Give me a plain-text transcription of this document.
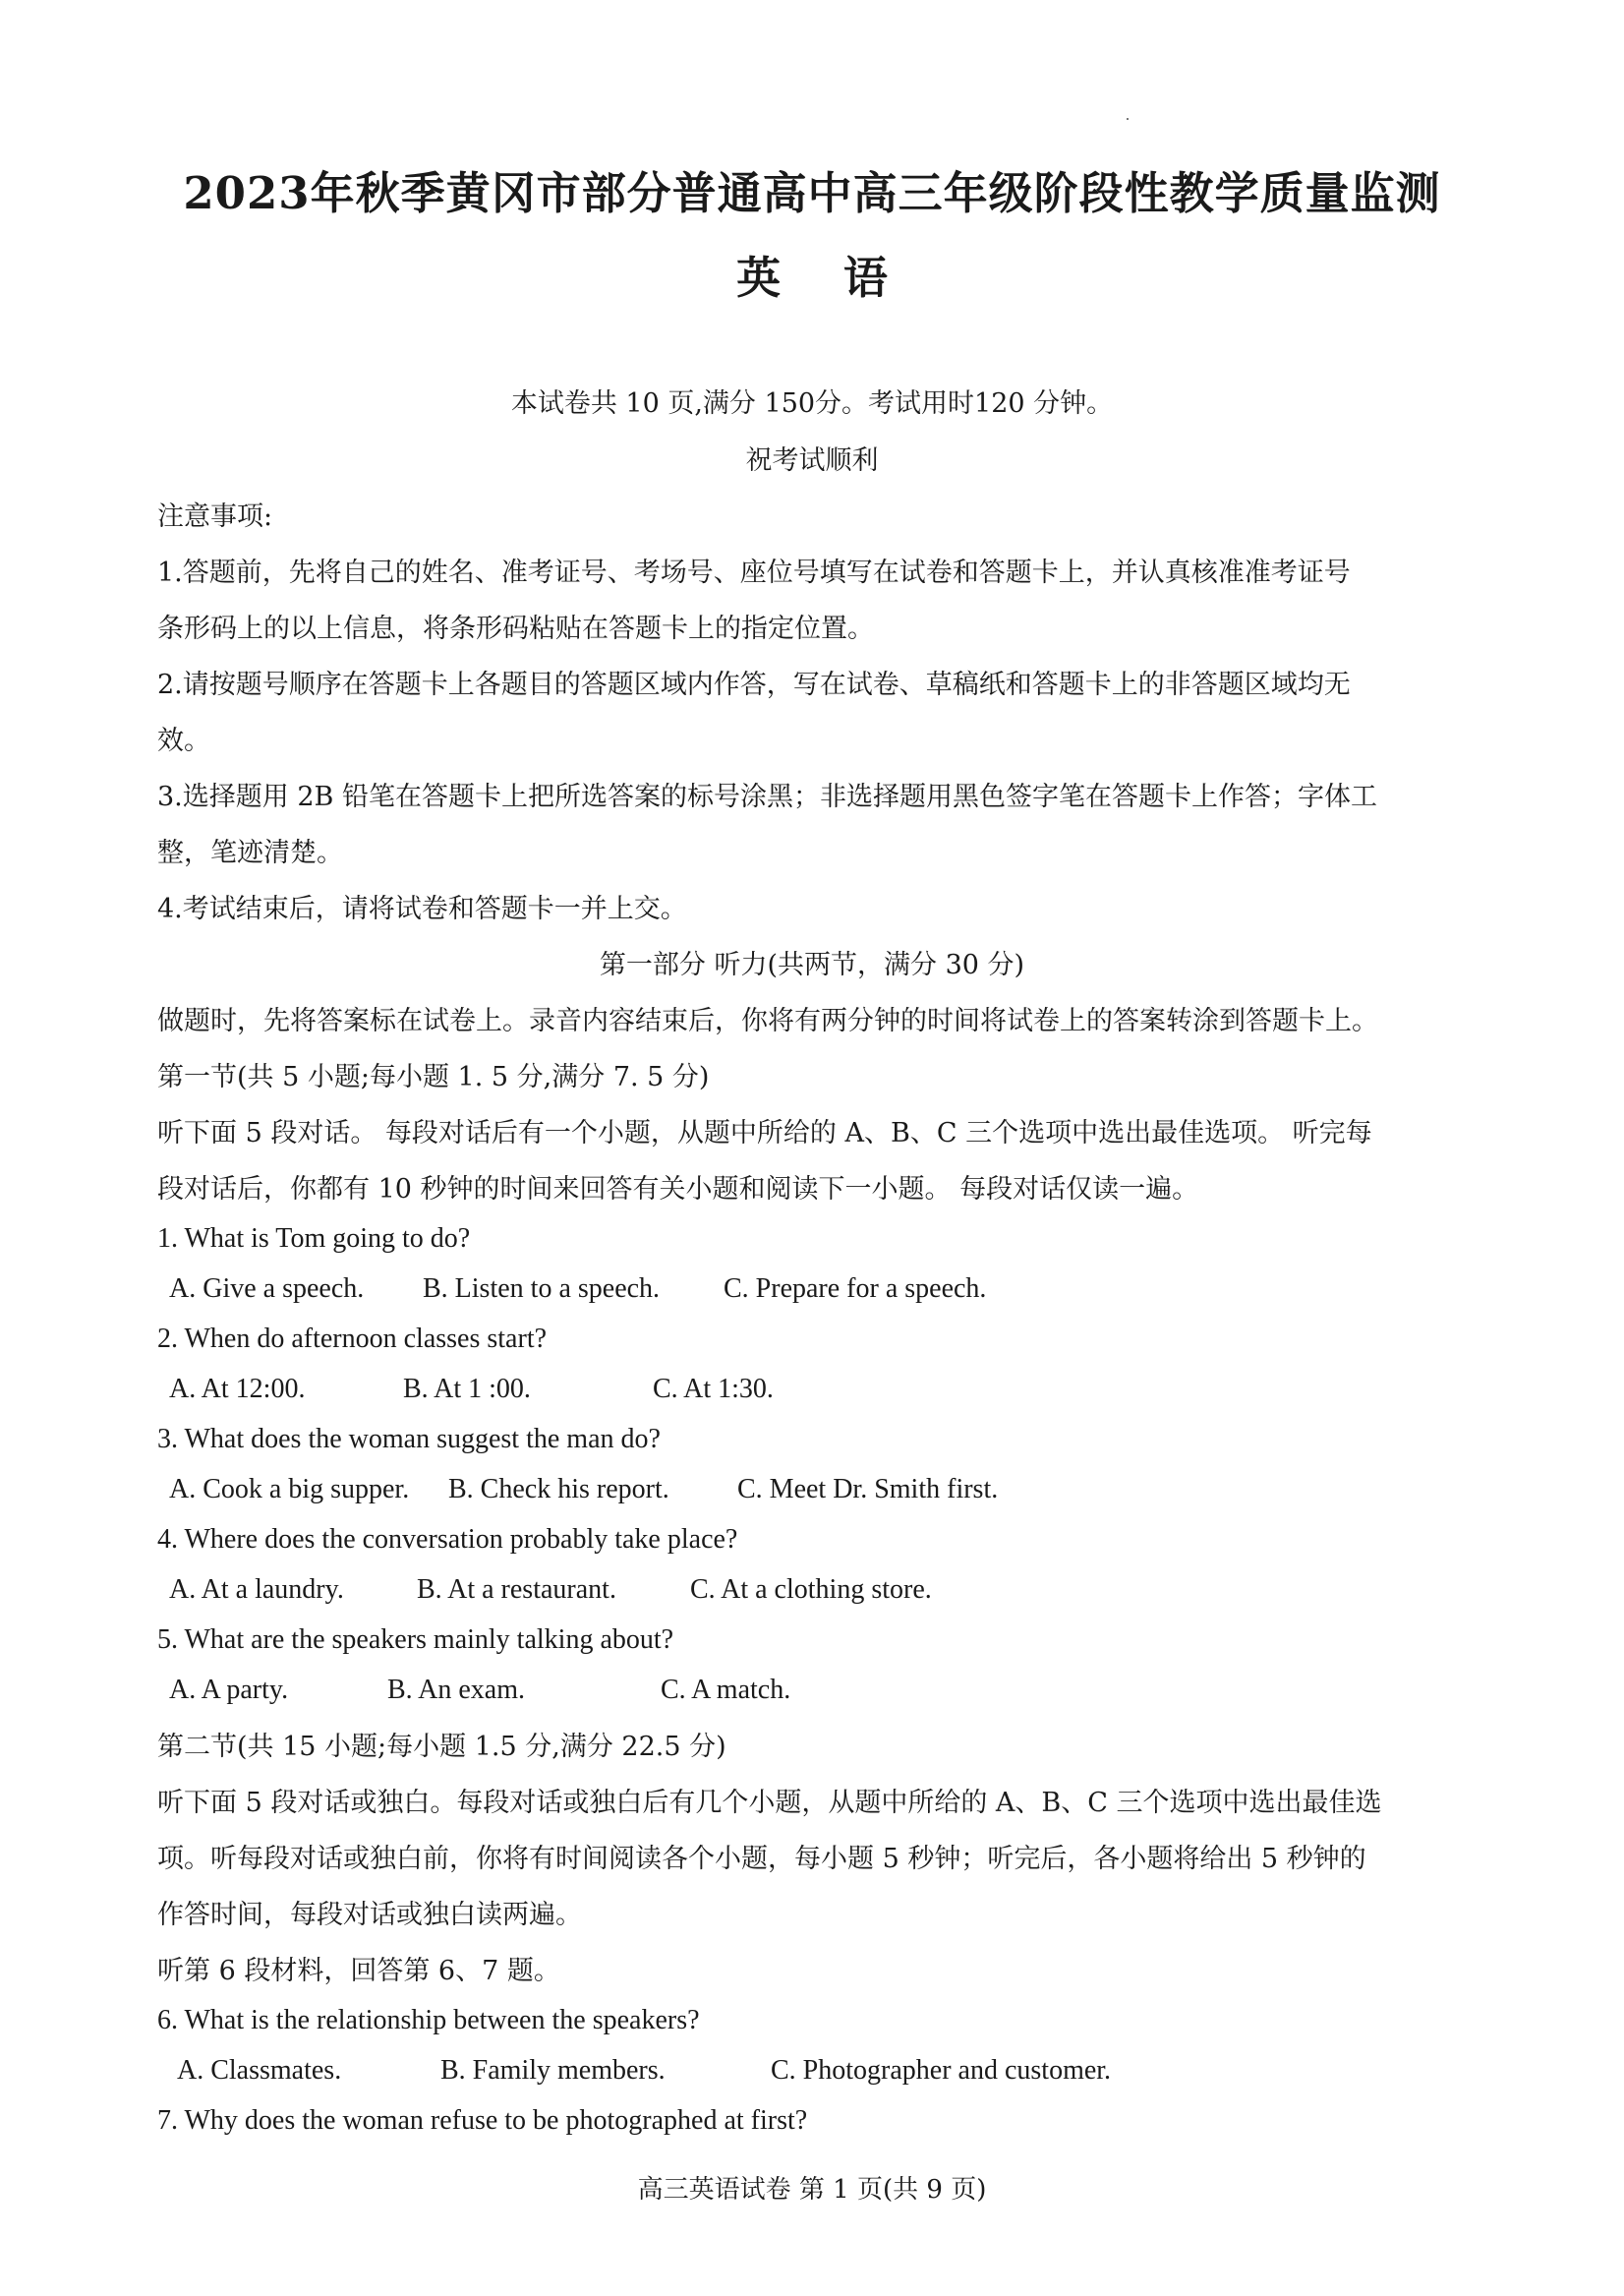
2023年秋季黄冈市部分普通高中高三年级阶段性教学质量监测
英 语
本试卷共 10 页,满分 150分。考试用时120 分钟。
祝考试顺利
注意事项:
1.答题前，先将自己的姓名、准考证号、考场号、座位号填写在试卷和答题卡上，并认真核准准考证号
条形码上的以上信息，将条形码粘贴在答题卡上的指定位置。
2.请按题号顺序在答题卡上各题目的答题区域内作答，写在试卷、草稿纸和答题卡上的非答题区域均无
效。
3.选择题用 2B 铅笔在答题卡上把所选答案的标号涂黑；非选择题用黑色签字笔在答题卡上作答；字体工
整，笔迹清楚。
4.考试结束后，请将试卷和答题卡一并上交。
第一部分 听力(共两节，满分 30 分)
做题时，先将答案标在试卷上。录音内容结束后，你将有两分钟的时间将试卷上的答案转涂到答题卡上。
第一节(共 5 小题;每小题 1. 5 分,满分 7. 5 分)
听下面 5 段对话。 每段对话后有一个小题，从题中所给的 A、B、C 三个选项中选出最佳选项。 听完每
段对话后，你都有 10 秒钟的时间来回答有关小题和阅读下一小题。 每段对话仅读一遍。
1. What is Tom going to do?
A. Give a speech. B. Listen to a speech. C. Prepare for a speech.
2. When do afternoon classes start?
A. At 12:00.	B. At 1 :00.	C. At 1:30.
3. What does the woman suggest the man do?
A. Cook a big supper. B. Check his report. C. Meet Dr. Smith first.
4. Where does the conversation probably take place?
A. At a laundry.	B. At a restaurant.	C. At a clothing store.
5. What are the speakers mainly talking about?
A. A party.	B. An exam.	C. A match.
第二节(共 15 小题;每小题 1.5 分,满分 22.5 分)
听下面 5 段对话或独白。每段对话或独白后有几个小题，从题中所给的 A、B、C 三个选项中选出最佳选
项。听每段对话或独白前，你将有时间阅读各个小题，每小题 5 秒钟；听完后，各小题将给出 5 秒钟的
作答时间，每段对话或独白读两遍。
听第 6 段材料，回答第 6、7 题。
6. What is the relationship between the speakers?
A. Classmates.	B. Family members.	C. Photographer and customer.
7. Why does the woman refuse to be photographed at first?
高三英语试卷 第 1 页(共 9 页)
